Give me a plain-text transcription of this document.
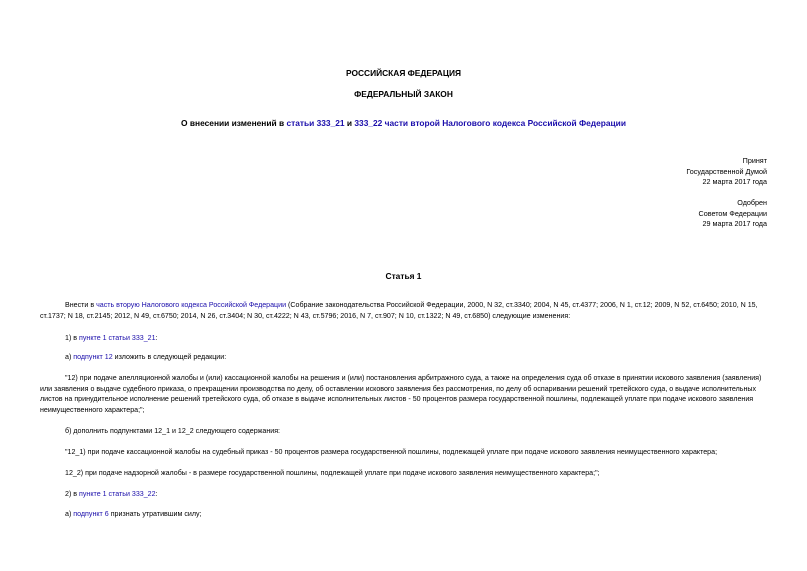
РОССИЙСКАЯ ФЕДЕРАЦИЯ
ФЕДЕРАЛЬНЫЙ ЗАКОН
О внесении изменений в статьи 333_21 и 333_22 части второй Налогового кодекса Российской Федерации
Принят
Государственной Думой
22 марта 2017 года
Одобрен
Советом Федерации
29 марта 2017 года
Статья 1
Внести в часть вторую Налогового кодекса Российской Федерации (Собрание законодательства Российской Федерации, 2000, N 32, ст.3340; 2004, N 45, ст.4377; 2006, N 1, ст.12; 2009, N 52, ст.6450; 2010, N 15, ст.1737; N 18, ст.2145; 2012, N 49, ст.6750; 2014, N 26, ст.3404; N 30, ст.4222; N 43, ст.5796; 2016, N 7, ст.907; N 10, ст.1322; N 49, ст.6850) следующие изменения:
1) в пункте 1 статьи 333_21:
а) подпункт 12 изложить в следующей редакции:
"12) при подаче апелляционной жалобы и (или) кассационной жалобы на решения и (или) постановления арбитражного суда, а также на определения суда об отказе в принятии искового заявления (заявления) или заявления о выдаче судебного приказа, о прекращении производства по делу, об оставлении искового заявления без рассмотрения, по делу об оспаривании решений третейского суда, о выдаче исполнительных листов на принудительное исполнение решений третейского суда, об отказе в выдаче исполнительных листов - 50 процентов размера государственной пошлины, подлежащей уплате при подаче искового заявления неимущественного характера;";
б) дополнить подпунктами 12_1 и 12_2 следующего содержания:
"12_1) при подаче кассационной жалобы на судебный приказ - 50 процентов размера государственной пошлины, подлежащей уплате при подаче искового заявления неимущественного характера;
12_2) при подаче надзорной жалобы - в размере государственной пошлины, подлежащей уплате при подаче искового заявления неимущественного характера;";
2) в пункте 1 статьи 333_22:
а) подпункт 6 признать утратившим силу;
